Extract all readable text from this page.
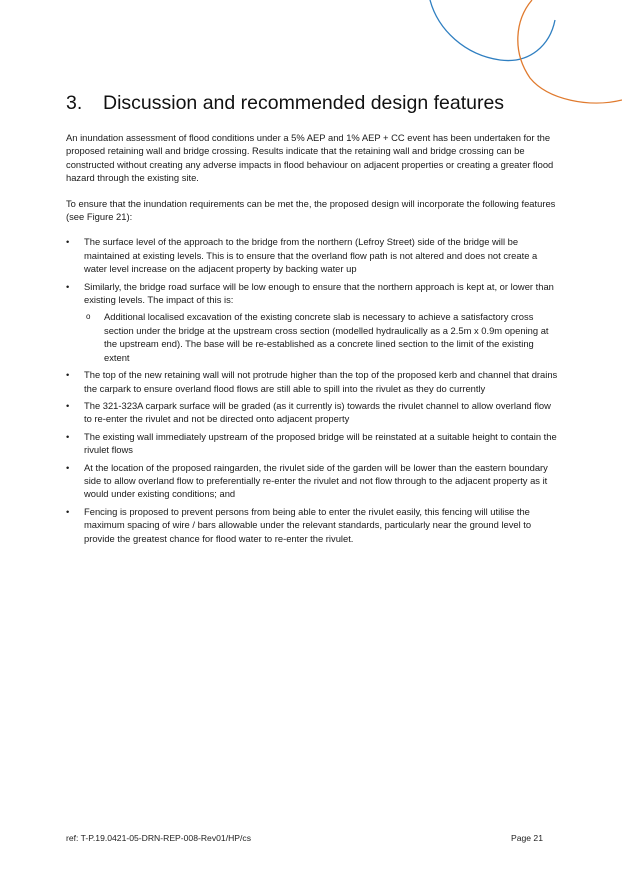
3. Discussion and recommended design features

An inundation assessment of flood conditions under a 5% AEP and 1% AEP + CC event has been undertaken for the proposed retaining wall and bridge crossing. Results indicate that the retaining wall and bridge crossing can be constructed without creating any adverse impacts in flood behaviour on adjacent properties or creating a greater flood hazard through the existing site.

To ensure that the inundation requirements can be met the, the proposed design will incorporate the following features (see Figure 21):

• The surface level of the approach to the bridge from the northern (Lefroy Street) side of the bridge will be maintained at existing levels. This is to ensure that the overland flow path is not altered and does not create a water level increase on the adjacent property by backing water up
• Similarly, the bridge road surface will be low enough to ensure that the northern approach is kept at, or lower than existing levels. The impact of this is:
o Additional localised excavation of the existing concrete slab is necessary to achieve a satisfactory cross section under the bridge at the upstream cross section (modelled hydraulically as a 2.5m x 0.9m opening at the upstream end). The base will be re-established as a concrete lined section to the limit of the existing extent
• The top of the new retaining wall will not protrude higher than the top of the proposed kerb and channel that drains the carpark to ensure overland flood flows are still able to spill into the rivulet as they do currently
• The 321-323A carpark surface will be graded (as it currently is) towards the rivulet channel to allow overland flow to re-enter the rivulet and not be directed onto adjacent property
• The existing wall immediately upstream of the proposed bridge will be reinstated at a suitable height to contain the rivulet flows
• At the location of the proposed raingarden, the rivulet side of the garden will be lower than the eastern boundary side to allow overland flow to preferentially re-enter the rivulet and not flow through to the adjacent property as it would under existing conditions; and
• Fencing is proposed to prevent persons from being able to enter the rivulet easily, this fencing will utilise the maximum spacing of wire / bars allowable under the relevant standards, particularly near the ground level to provide the greatest chance for flood water to re-enter the rivulet.
ref: T-P.19.0421-05-DRN-REP-008-Rev01/HP/cs	Page 21
